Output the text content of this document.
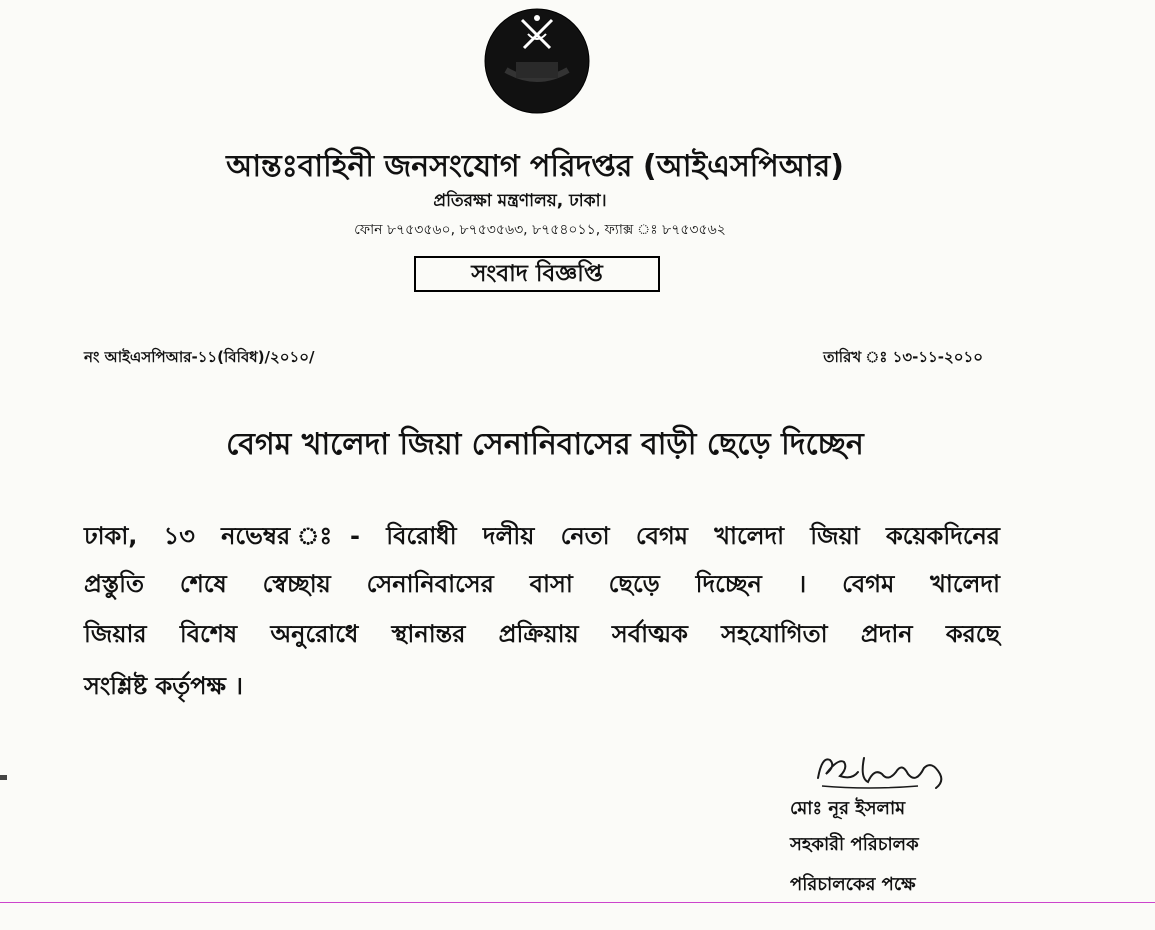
আন্তঃবাহিনী জনসংযোগ পরিদপ্তর (আইএসপিআর)
প্রতিরক্ষা মন্ত্রণালয়, ঢাকা।
ফোন ৮৭৫৩৫৬০, ৮৭৫৩৫৬৩, ৮৭৫৪০১১, ফ্যাক্স ঃ ৮৭৫৩৫৬২
সংবাদ বিজ্ঞপ্তি
নং আইএসপিআর-১১(বিবিধ)/২০১০/	তারিখ ঃ ১৩-১১-২০১০
বেগম খালেদা জিয়া সেনানিবাসের বাড়ী ছেড়ে দিচ্ছেন
ঢাকা, ১৩ নভেম্বর ঃ- বিরোধী দলীয় নেতা বেগম খালেদা জিয়া কয়েকদিনের
প্রস্তুতি শেষে স্বেচ্ছায় সেনানিবাসের বাসা ছেড়ে দিচ্ছেন । বেগম খালেদা
জিয়ার বিশেষ অনুরোধে স্থানান্তর প্রক্রিয়ায় সর্বাত্মক সহযোগিতা প্রদান করছে
সংশ্লিষ্ট কর্তৃপক্ষ ।
মোঃ নূর ইসলাম
সহকারী পরিচালক
পরিচালকের পক্ষে
